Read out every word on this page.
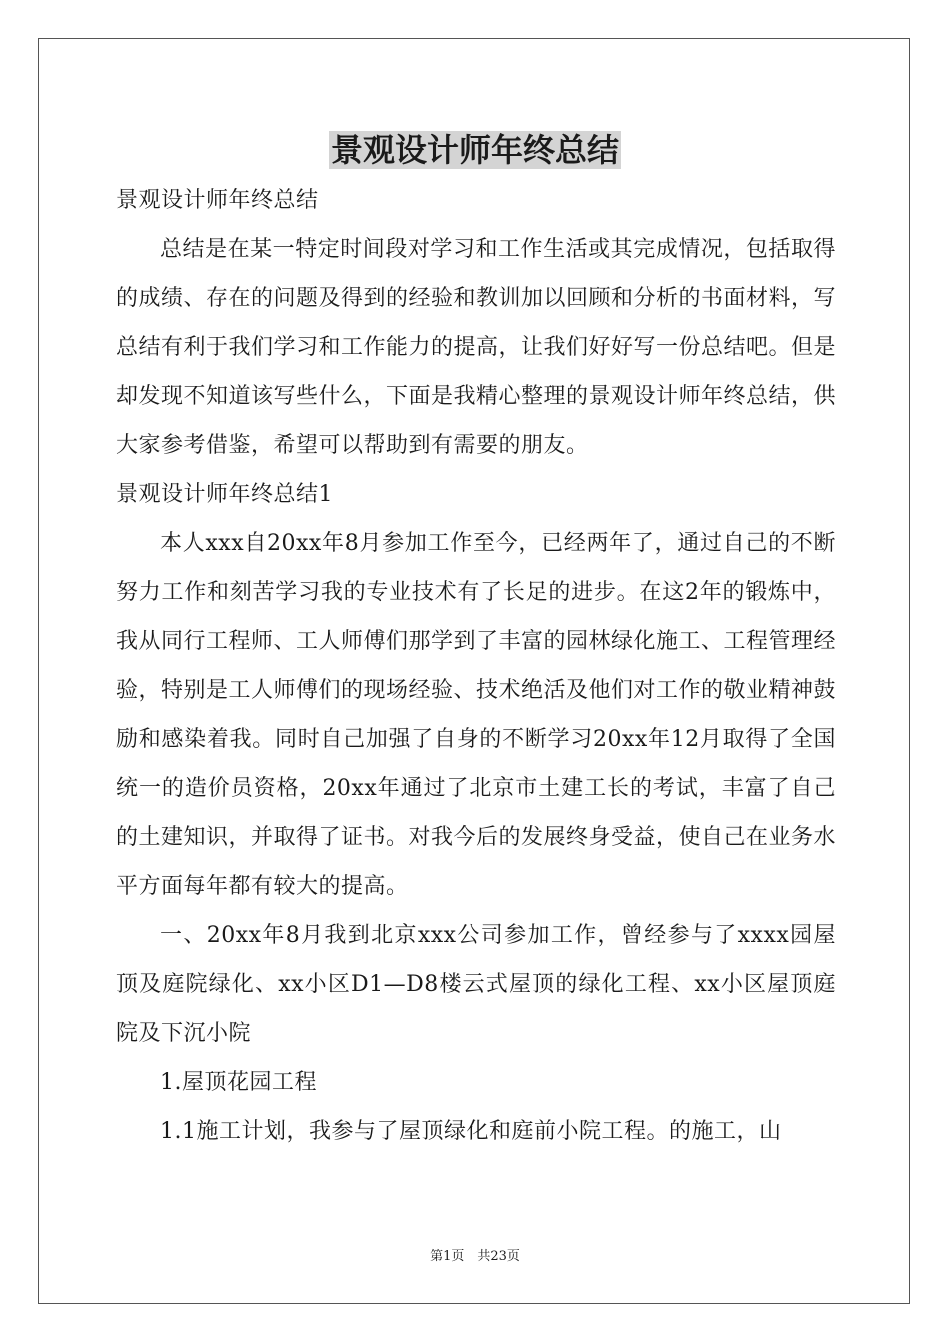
景观设计师年终总结

景观设计师年终总结

总结是在某一特定时间段对学习和工作生活或其完成情况，包括取得的成绩、存在的问题及得到的经验和教训加以回顾和分析的书面材料，写总结有利于我们学习和工作能力的提高，让我们好好写一份总结吧。但是却发现不知道该写些什么，下面是我精心整理的景观设计师年终总结，供大家参考借鉴，希望可以帮助到有需要的朋友。

景观设计师年终总结1

本人xxx自20xx年8月参加工作至今，已经两年了，通过自己的不断努力工作和刻苦学习我的专业技术有了长足的进步。在这2年的锻炼中，我从同行工程师、工人师傅们那学到了丰富的园林绿化施工、工程管理经验，特别是工人师傅们的现场经验、技术绝活及他们对工作的敬业精神鼓励和感染着我。同时自己加强了自身的不断学习20xx年12月取得了全国统一的造价员资格，20xx年通过了北京市土建工长的考试，丰富了自己的土建知识，并取得了证书。对我今后的发展终身受益，使自己在业务水平方面每年都有较大的提高。

一、20xx年8月我到北京xxx公司参加工作，曾经参与了xxxx园屋顶及庭院绿化、xx小区D1—D8楼云式屋顶的绿化工程、xx小区屋顶庭院及下沉小院

1.屋顶花园工程

1.1施工计划，我参与了屋顶绿化和庭前小院工程。的施工，山

第1页　共23页
